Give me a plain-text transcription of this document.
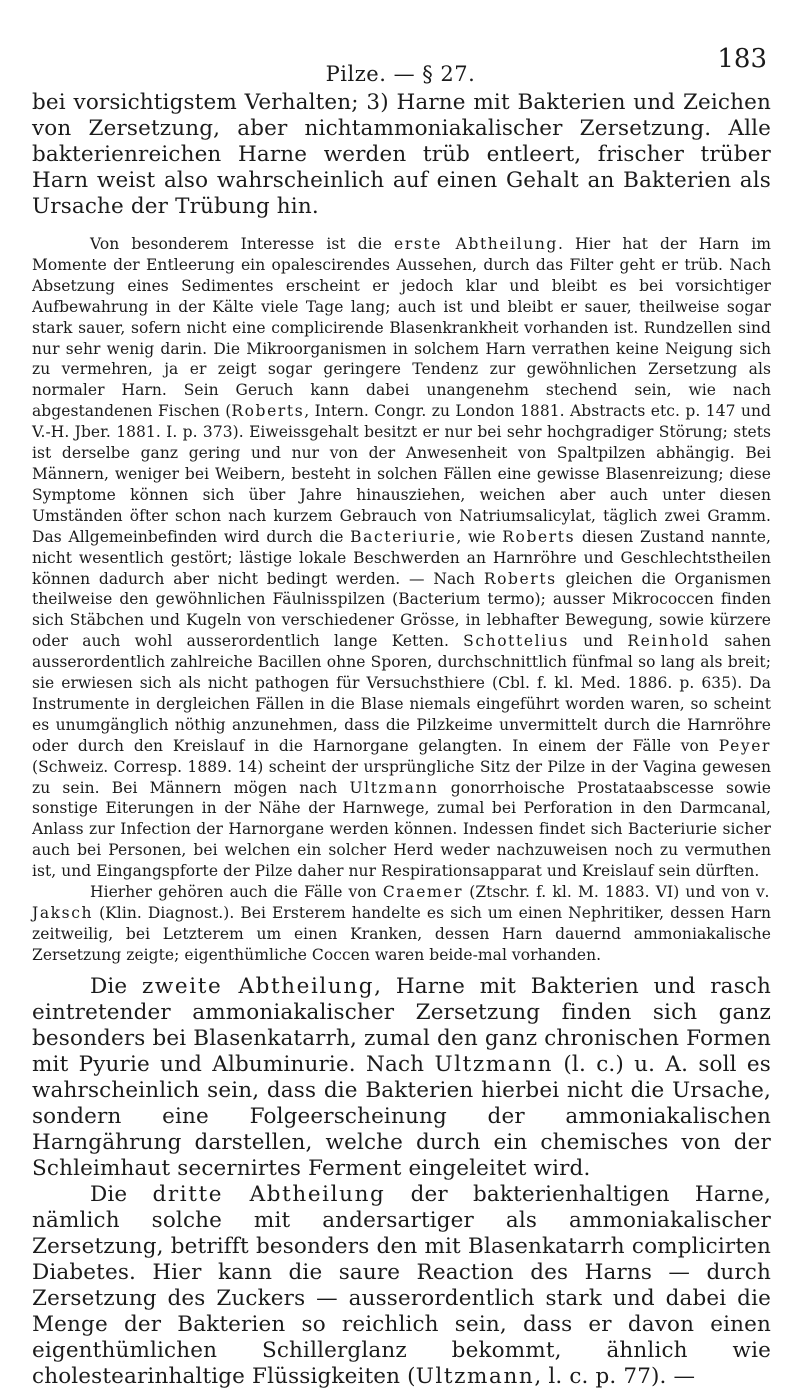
Pilze. — § 27.	183

bei vorsichtigstem Verhalten; 3) Harne mit Bakterien und Zeichen von Zersetzung, aber nichtammoniakalischer Zersetzung. Alle bakterienreichen Harne werden trüb entleert, frischer trüber Harn weist also wahrscheinlich auf einen Gehalt an Bakterien als Ursache der Trübung hin.

Von besonderem Interesse ist die erste Abtheilung. Hier hat der Harn im Momente der Entleerung ein opalescirendes Aussehen, durch das Filter geht er trüb. Nach Absetzung eines Sedimentes erscheint er jedoch klar und bleibt es bei vorsichtiger Aufbewahrung in der Kälte viele Tage lang; auch ist und bleibt er sauer, theilweise sogar stark sauer, sofern nicht eine complicirende Blasenkrankheit vorhanden ist. Rundzellen sind nur sehr wenig darin. Die Mikroorganismen in solchem Harn verrathen keine Neigung sich zu vermehren, ja er zeigt sogar geringere Tendenz zur gewöhnlichen Zersetzung als normaler Harn. Sein Geruch kann dabei unangenehm stechend sein, wie nach abgestandenen Fischen (Roberts, Intern. Congr. zu London 1881. Abstracts etc. p. 147 und V.-H. Jber. 1881. I. p. 373). Eiweissgehalt besitzt er nur bei sehr hochgradiger Störung; stets ist derselbe ganz gering und nur von der Anwesenheit von Spaltpilzen abhängig. Bei Männern, weniger bei Weibern, besteht in solchen Fällen eine gewisse Blasenreizung; diese Symptome können sich über Jahre hinausziehen, weichen aber auch unter diesen Umständen öfter schon nach kurzem Gebrauch von Natriumsalicylat, täglich zwei Gramm. Das Allgemeinbefinden wird durch die Bacteriurie, wie Roberts diesen Zustand nannte, nicht wesentlich gestört; lästige lokale Beschwerden an Harnröhre und Geschlechtstheilen können dadurch aber nicht bedingt werden. — Nach Roberts gleichen die Organismen theilweise den gewöhnlichen Fäulnisspilzen (Bacterium termo); ausser Mikrococcen finden sich Stäbchen und Kugeln von verschiedener Grösse, in lebhafter Bewegung, sowie kürzere oder auch wohl ausserordentlich lange Ketten. Schottelius und Reinhold sahen ausserordentlich zahlreiche Bacillen ohne Sporen, durchschnittlich fünfmal so lang als breit; sie erwiesen sich als nicht pathogen für Versuchsthiere (Cbl. f. kl. Med. 1886. p. 635). Da Instrumente in dergleichen Fällen in die Blase niemals eingeführt worden waren, so scheint es unumgänglich nöthig anzunehmen, dass die Pilzkeime unvermittelt durch die Harnröhre oder durch den Kreislauf in die Harnorgane gelangten. In einem der Fälle von Peyer (Schweiz. Corresp. 1889. 14) scheint der ursprüngliche Sitz der Pilze in der Vagina gewesen zu sein. Bei Männern mögen nach Ultzmann gonorrhoische Prostataabscesse sowie sonstige Eiterungen in der Nähe der Harnwege, zumal bei Perforation in den Darmcanal, Anlass zur Infection der Harnorgane werden können. Indessen findet sich Bacteriurie sicher auch bei Personen, bei welchen ein solcher Herd weder nachzuweisen noch zu vermuthen ist, und Eingangspforte der Pilze daher nur Respirationsapparat und Kreislauf sein dürften.

Hierher gehören auch die Fälle von Craemer (Ztschr. f. kl. M. 1883. VI) und von v. Jaksch (Klin. Diagnost.). Bei Ersterem handelte es sich um einen Nephritiker, dessen Harn zeitweilig, bei Letzterem um einen Kranken, dessen Harn dauernd ammoniakalische Zersetzung zeigte; eigenthümliche Coccen waren beide-mal vorhanden.

Die zweite Abtheilung, Harne mit Bakterien und rasch eintretender ammoniakalischer Zersetzung finden sich ganz besonders bei Blasenkatarrh, zumal den ganz chronischen Formen mit Pyurie und Albuminurie. Nach Ultzmann (l. c.) u. A. soll es wahrscheinlich sein, dass die Bakterien hierbei nicht die Ursache, sondern eine Folgeerscheinung der ammoniakalischen Harngährung darstellen, welche durch ein chemisches von der Schleimhaut secernirtes Ferment eingeleitet wird.

Die dritte Abtheilung der bakterienhaltigen Harne, nämlich solche mit andersartiger als ammoniakalischer Zersetzung, betrifft besonders den mit Blasenkatarrh complicirten Diabetes. Hier kann die saure Reaction des Harns — durch Zersetzung des Zuckers — ausserordentlich stark und dabei die Menge der Bakterien so reichlich sein, dass er davon einen eigenthümlichen Schillerglanz bekommt, ähnlich wie cholestearinhaltige Flüssigkeiten (Ultzmann, l. c. p. 77). —
